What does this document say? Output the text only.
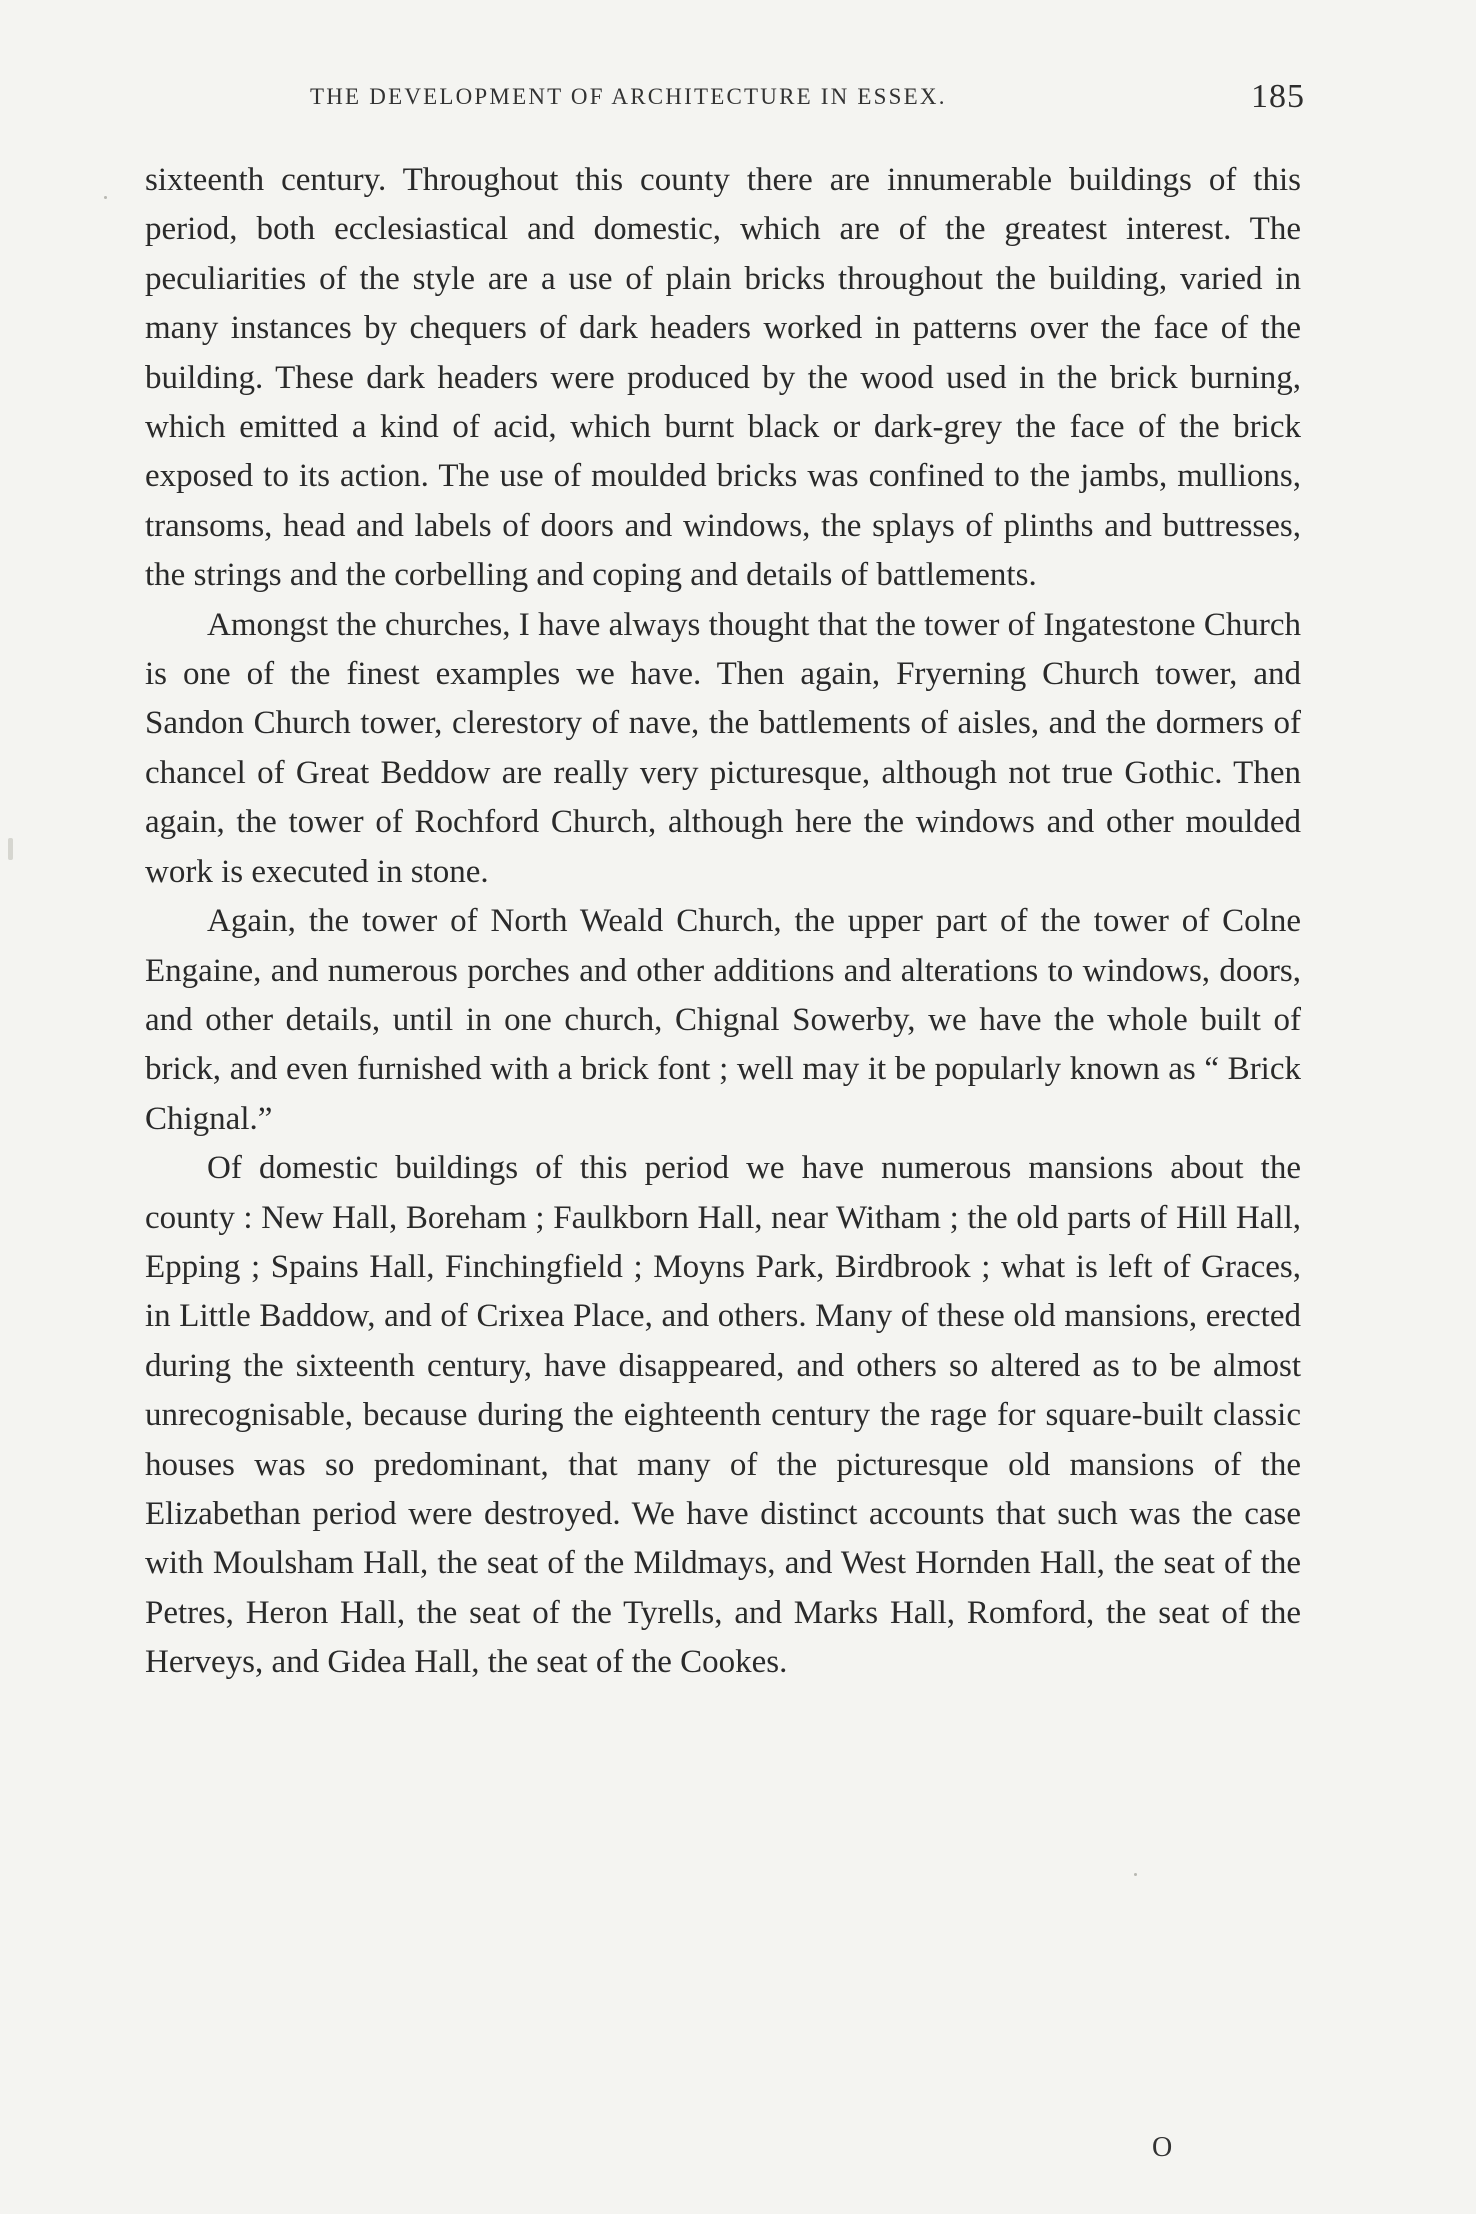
THE DEVELOPMENT OF ARCHITECTURE IN ESSEX.	185

sixteenth century. Throughout this county there are innumerable buildings of this period, both ecclesiastical and domestic, which are of the greatest interest. The peculiarities of the style are a use of plain bricks throughout the building, varied in many instances by chequers of dark headers worked in patterns over the face of the building. These dark headers were produced by the wood used in the brick burning, which emitted a kind of acid, which burnt black or dark-grey the face of the brick exposed to its action. The use of moulded bricks was confined to the jambs, mullions, transoms, head and labels of doors and windows, the splays of plinths and buttresses, the strings and the corbelling and coping and details of battlements.

Amongst the churches, I have always thought that the tower of Ingatestone Church is one of the finest examples we have. Then again, Fryerning Church tower, and Sandon Church tower, clerestory of nave, the battlements of aisles, and the dormers of chancel of Great Beddow are really very picturesque, although not true Gothic. Then again, the tower of Rochford Church, although here the windows and other moulded work is executed in stone.

Again, the tower of North Weald Church, the upper part of the tower of Colne Engaine, and numerous porches and other additions and alterations to windows, doors, and other details, until in one church, Chignal Sowerby, we have the whole built of brick, and even furnished with a brick font ; well may it be popularly known as “ Brick Chignal.”

Of domestic buildings of this period we have numerous mansions about the county : New Hall, Boreham ; Faulkborn Hall, near Witham ; the old parts of Hill Hall, Epping ; Spains Hall, Finchingfield ; Moyns Park, Birdbrook ; what is left of Graces, in Little Baddow, and of Crixea Place, and others. Many of these old mansions, erected during the sixteenth century, have disappeared, and others so altered as to be almost unrecognisable, because during the eighteenth century the rage for square-built classic houses was so predominant, that many of the picturesque old mansions of the Elizabethan period were destroyed. We have distinct accounts that such was the case with Moulsham Hall, the seat of the Mildmays, and West Hornden Hall, the seat of the Petres, Heron Hall, the seat of the Tyrells, and Marks Hall, Romford, the seat of the Herveys, and Gidea Hall, the seat of the Cookes.

O
